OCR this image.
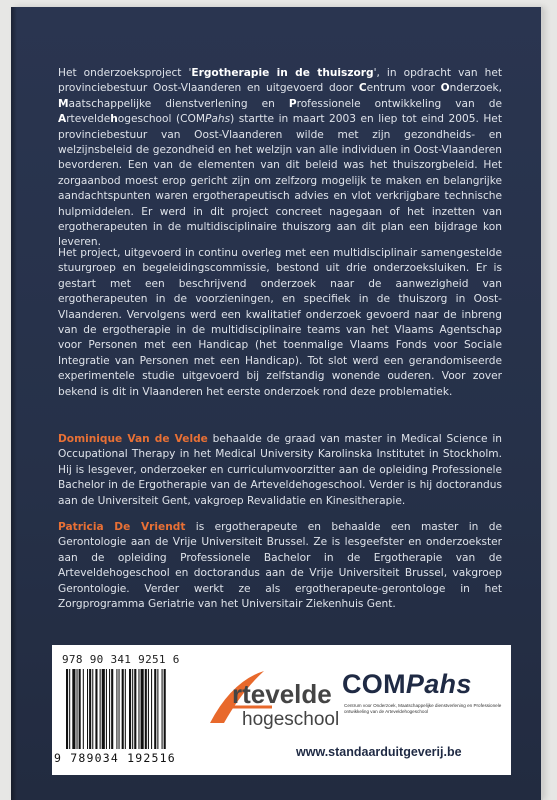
Het onderzoeksproject 'Ergotherapie in de thuiszorg', in opdracht van het provinciebestuur Oost-Vlaanderen en uitgevoerd door Centrum voor Onderzoek, Maatschappelijke dienstverlening en Professionele ontwikkeling van de Arteveldehogeschool (COMPahs) startte in maart 2003 en liep tot eind 2005. Het provinciebestuur van Oost-Vlaanderen wilde met zijn gezondheids- en welzijnsbeleid de gezondheid en het welzijn van alle individuen in Oost-Vlaanderen bevorderen. Een van de elementen van dit beleid was het thuiszorgbeleid. Het zorgaanbod moest erop gericht zijn om zelfzorg mogelijk te maken en belangrijke aandachtspunten waren ergotherapeutisch advies en vlot verkrijgbare technische hulpmiddelen. Er werd in dit project concreet nagegaan of het inzetten van ergotherapeuten in de multidisciplinaire thuiszorg aan dit plan een bijdrage kon leveren.
Het project, uitgevoerd in continu overleg met een multidisciplinair samengestelde stuurgroep en begeleidingscommissie, bestond uit drie onderzoeksluiken. Er is gestart met een beschrijvend onderzoek naar de aanwezigheid van ergotherapeuten in de voorzieningen, en specifiek in de thuiszorg in Oost-Vlaanderen. Vervolgens werd een kwalitatief onderzoek gevoerd naar de inbreng van de ergotherapie in de multidisciplinaire teams van het Vlaams Agentschap voor Personen met een Handicap (het toenmalige Vlaams Fonds voor Sociale Integratie van Personen met een Handicap). Tot slot werd een gerandomiseerde experimentele studie uitgevoerd bij zelfstandig wonende ouderen. Voor zover bekend is dit in Vlaanderen het eerste onderzoek rond deze problematiek.
Dominique Van de Velde behaalde de graad van master in Medical Science in Occupational Therapy in het Medical University Karolinska Institutet in Stockholm. Hij is lesgever, onderzoeker en curriculumvoorzitter aan de opleiding Professionele Bachelor in de Ergotherapie van de Arteveldehogeschool. Verder is hij doctorandus aan de Universiteit Gent, vakgroep Revalidatie en Kinesitherapie.
Patricia De Vriendt is ergotherapeute en behaalde een master in de Gerontologie aan de Vrije Universiteit Brussel. Ze is lesgeefster en onderzoekster aan de opleiding Professionele Bachelor in de Ergotherapie van de Arteveldehogeschool en doctorandus aan de Vrije Universiteit Brussel, vakgroep Gerontologie. Verder werkt ze als ergotherapeute-gerontologe in het Zorgprogramma Geriatrie van het Universitair Ziekenhuis Gent.
978 90 341 9251 6
9 789034 192516
rtevelde
hogeschool
COMPahs
Centrum voor Onderzoek, Maatschappelijke dienstverlening en Professionele ontwikkeling van de Arteveldehogeschool
www.standaarduitgeverij.be
